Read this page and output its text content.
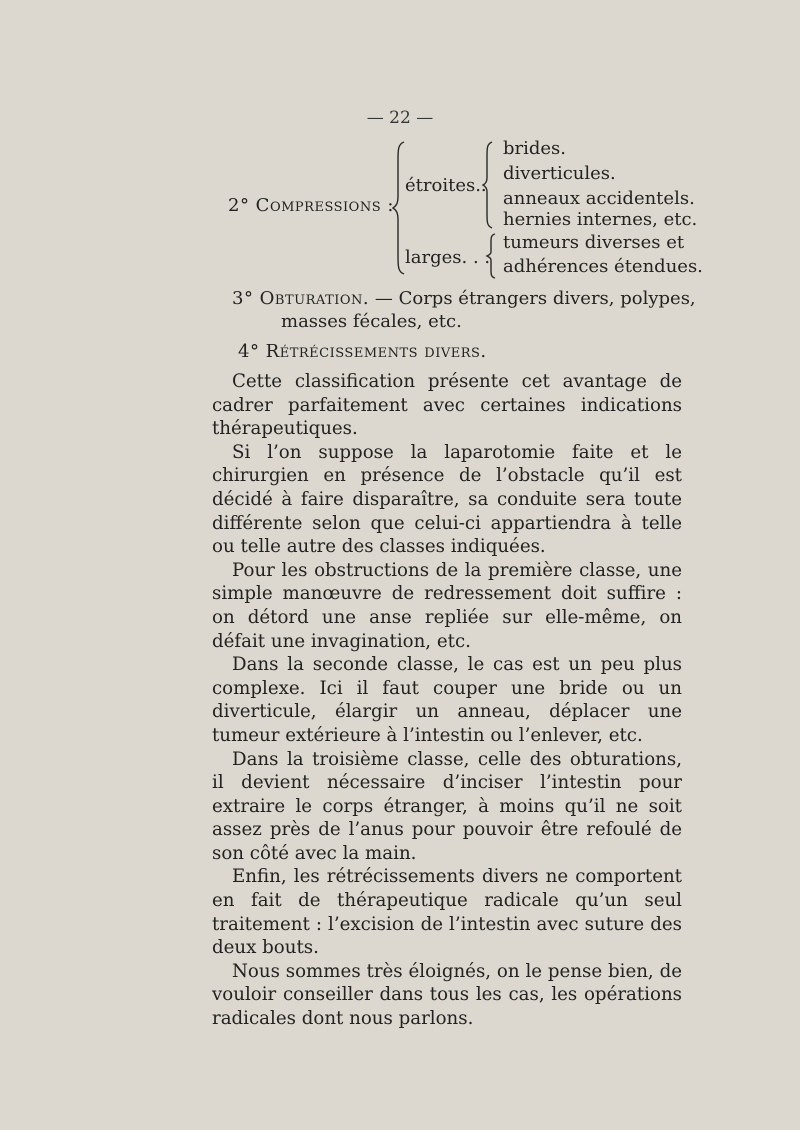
— 22 —
2° Compressions :
étroites..
brides.
diverticules.
anneaux accidentels.
hernies internes, etc.
larges. . .
tumeurs diverses et
adhérences étendues.
3° Obturation. — Corps étrangers divers, polypes,
masses fécales, etc.
4° Rétrécissements divers.

Cette classification présente cet avantage de cadrer parfaitement avec certaines indications thérapeutiques.

Si l’on suppose la laparotomie faite et le chirurgien en présence de l’obstacle qu’il est décidé à faire disparaître, sa conduite sera toute différente selon que celui-ci appartiendra à telle ou telle autre des classes indiquées.

Pour les obstructions de la première classe, une simple manœuvre de redressement doit suffire : on détord une anse repliée sur elle-même, on défait une invagination, etc.

Dans la seconde classe, le cas est un peu plus complexe. Ici il faut couper une bride ou un diverticule, élargir un anneau, déplacer une tumeur extérieure à l’intestin ou l’enlever, etc.

Dans la troisième classe, celle des obturations, il devient nécessaire d’inciser l’intestin pour extraire le corps étranger, à moins qu’il ne soit assez près de l’anus pour pouvoir être refoulé de son côté avec la main.

Enfin, les rétrécissements divers ne comportent en fait de thérapeutique radicale qu’un seul traitement : l’excision de l’intestin avec suture des deux bouts.

Nous sommes très éloignés, on le pense bien, de vouloir conseiller dans tous les cas, les opérations radicales dont nous parlons.
